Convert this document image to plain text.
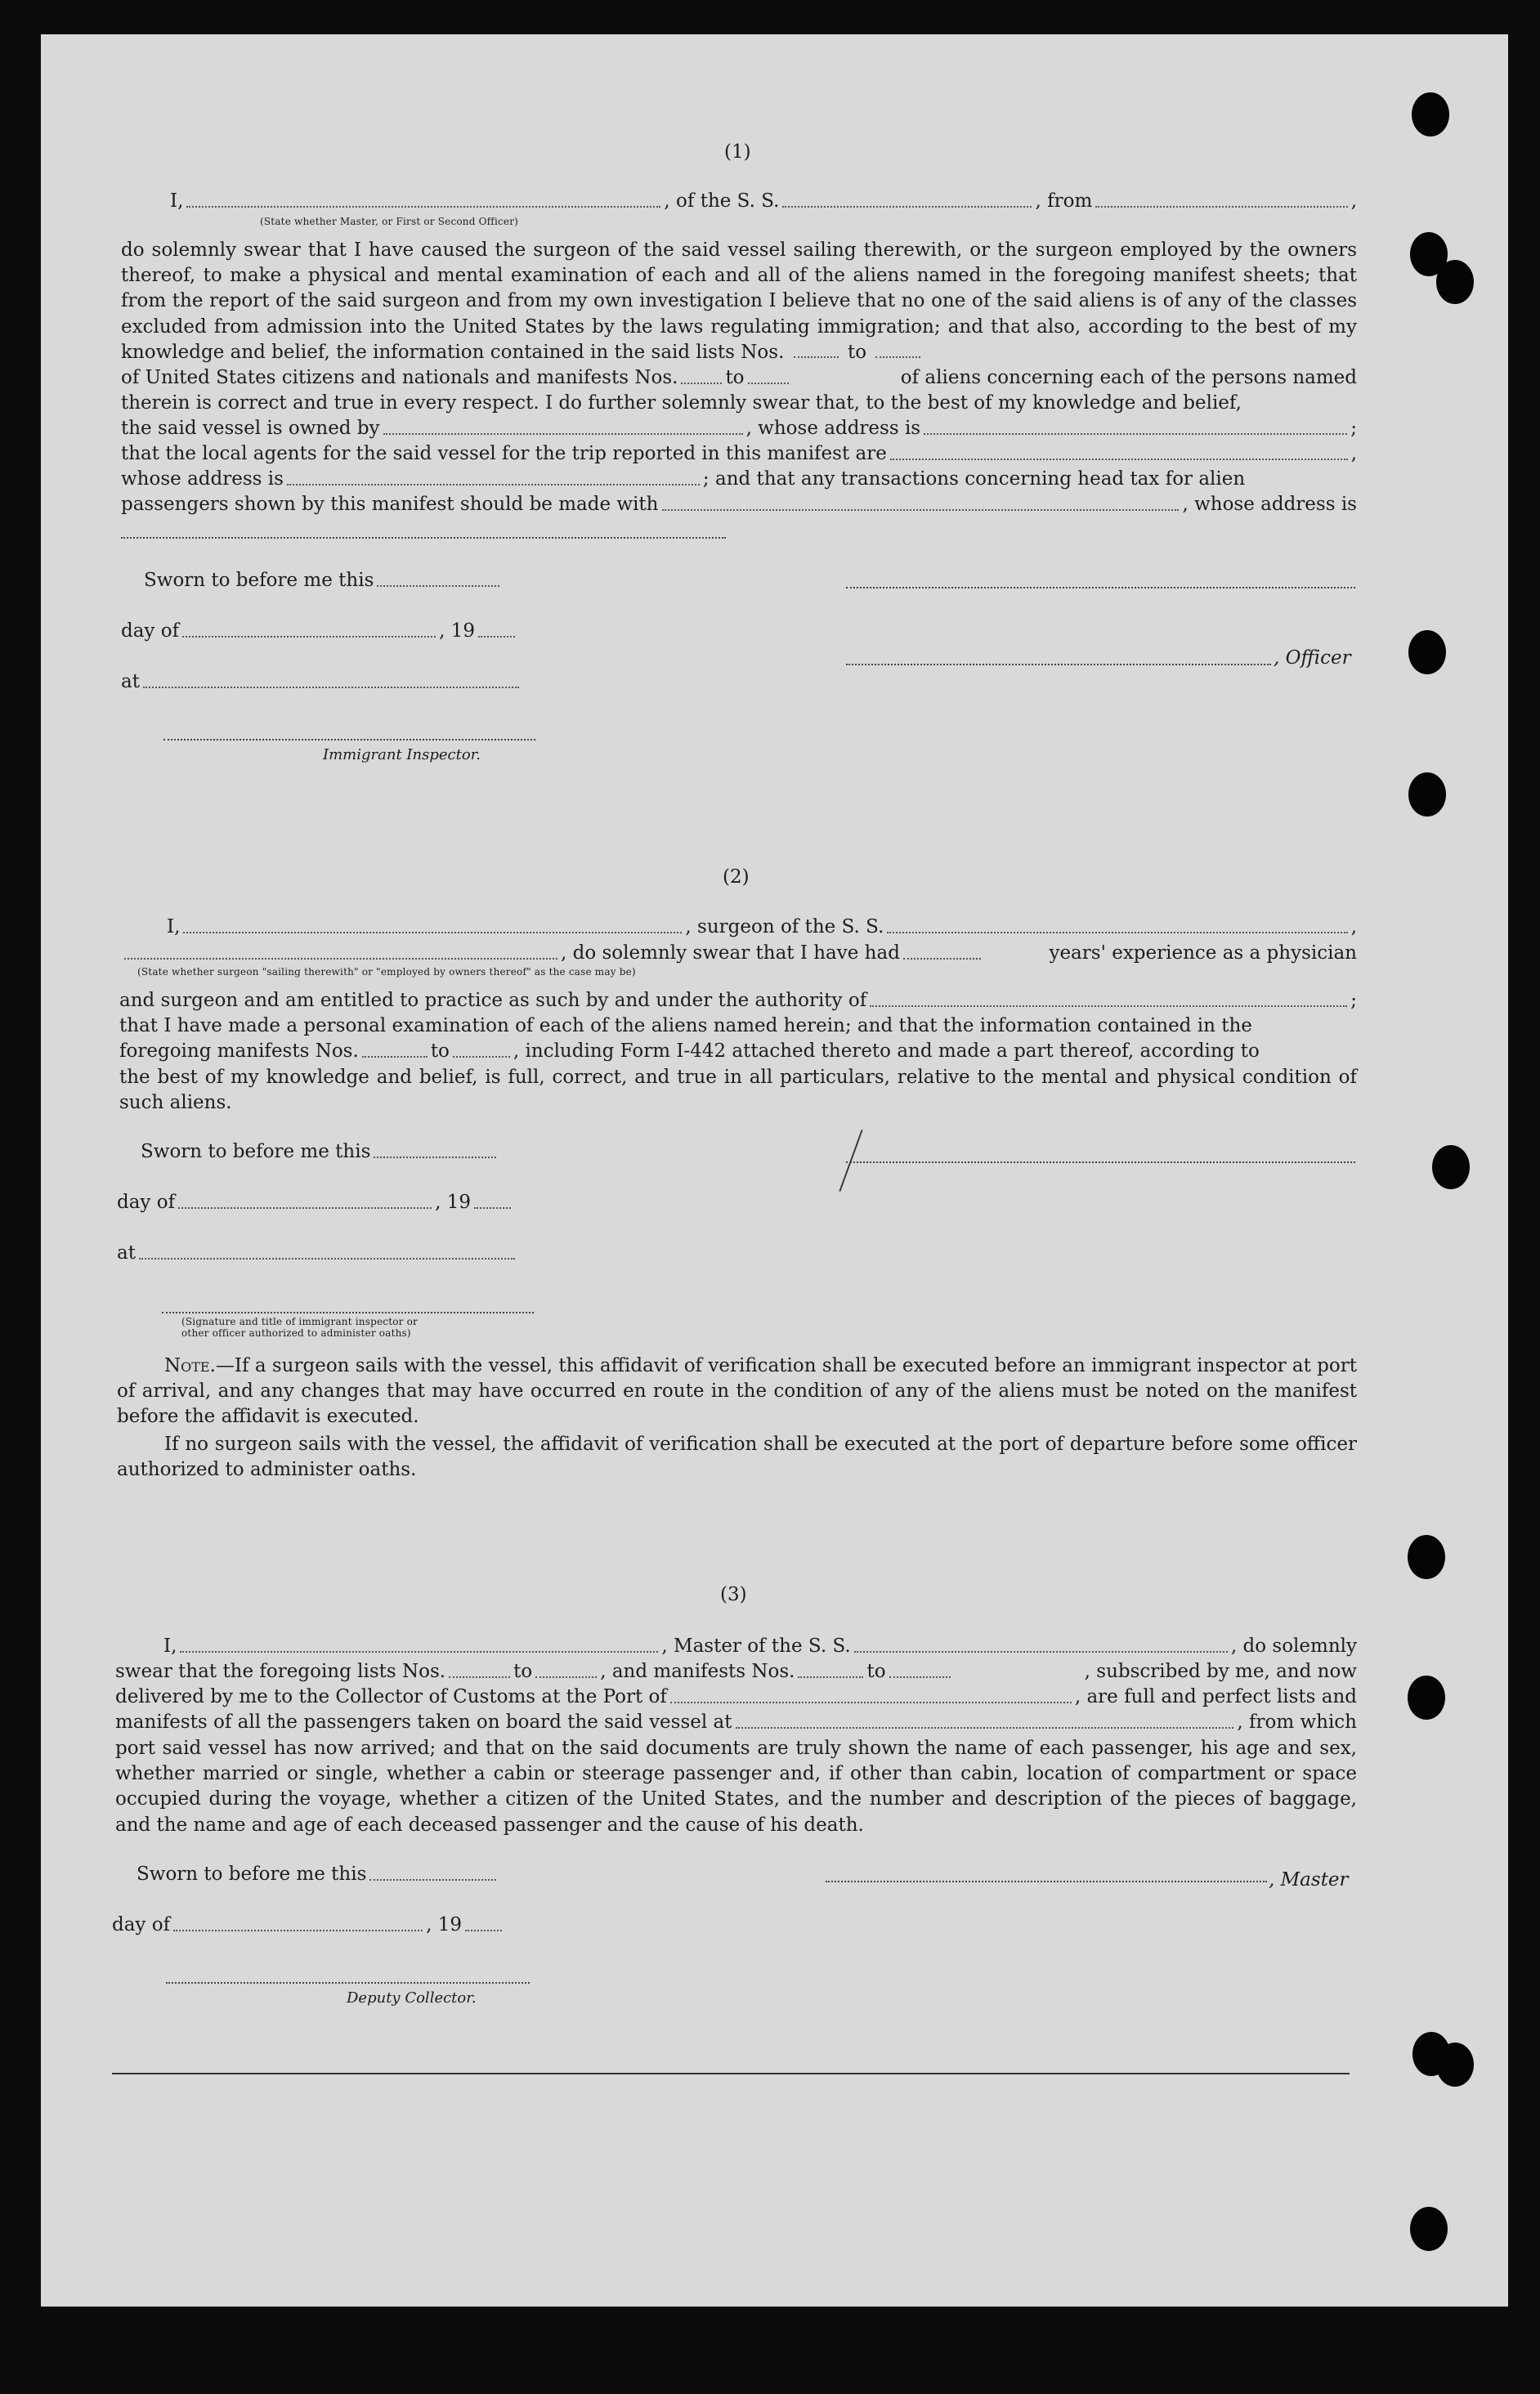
(1)
I,	, of the S. S.	, from	,
(State whether Master, or First or Second Officer)
do solemnly swear that I have caused the surgeon of the said vessel sailing therewith, or the surgeon employed by the owners thereof, to make a physical and mental examination of each and all of the aliens named in the foregoing manifest sheets; that from the report of the said surgeon and from my own investigation I believe that no one of the said aliens is of any of the classes excluded from admission into the United States by the laws regulating immigration; and that also, according to the best of my knowledge and belief, the information contained in the said lists Nos.	to
of United States citizens and nationals and manifests Nos.	to	of aliens concerning each of the persons named
therein is correct and true in every respect. I do further solemnly swear that, to the best of my knowledge and belief,
the said vessel is owned by	, whose address is	;
that the local agents for the said vessel for the trip reported in this manifest are	,
whose address is	; and that any transactions concerning head tax for alien
passengers shown by this manifest should be made with	, whose address is
Sworn to before me this
day of	, 19
at
, Officer
Immigrant Inspector.
(2)
I,	, surgeon of the S. S.	,
, do solemnly swear that I have had	years' experience as a physician
(State whether surgeon "sailing therewith" or "employed by owners thereof" as the case may be)
and surgeon and am entitled to practice as such by and under the authority of	;
that I have made a personal examination of each of the aliens named herein; and that the information contained in the
foregoing manifests Nos.	to	, including Form I-442 attached thereto and made a part thereof, according to
the best of my knowledge and belief, is full, correct, and true in all particulars, relative to the mental and physical condition of such aliens.
Sworn to before me this
day of	, 19
at
(Signature and title of immigrant inspector or
other officer authorized to administer oaths)
Note.—If a surgeon sails with the vessel, this affidavit of verification shall be executed before an immigrant inspector at port of arrival, and any changes that may have occurred en route in the condition of any of the aliens must be noted on the manifest before the affidavit is executed.
If no surgeon sails with the vessel, the affidavit of verification shall be executed at the port of departure before some officer authorized to administer oaths.
(3)
I,	, Master of the S. S.	, do solemnly
swear that the foregoing lists Nos.	to	, and manifests Nos.	to	, subscribed by me, and now
delivered by me to the Collector of Customs at the Port of	, are full and perfect lists and
manifests of all the passengers taken on board the said vessel at	, from which
port said vessel has now arrived; and that on the said documents are truly shown the name of each passenger, his age and sex, whether married or single, whether a cabin or steerage passenger and, if other than cabin, location of compartment or space occupied during the voyage, whether a citizen of the United States, and the number and description of the pieces of baggage, and the name and age of each deceased passenger and the cause of his death.
Sworn to before me this	, Master
day of	, 19
Deputy Collector.
